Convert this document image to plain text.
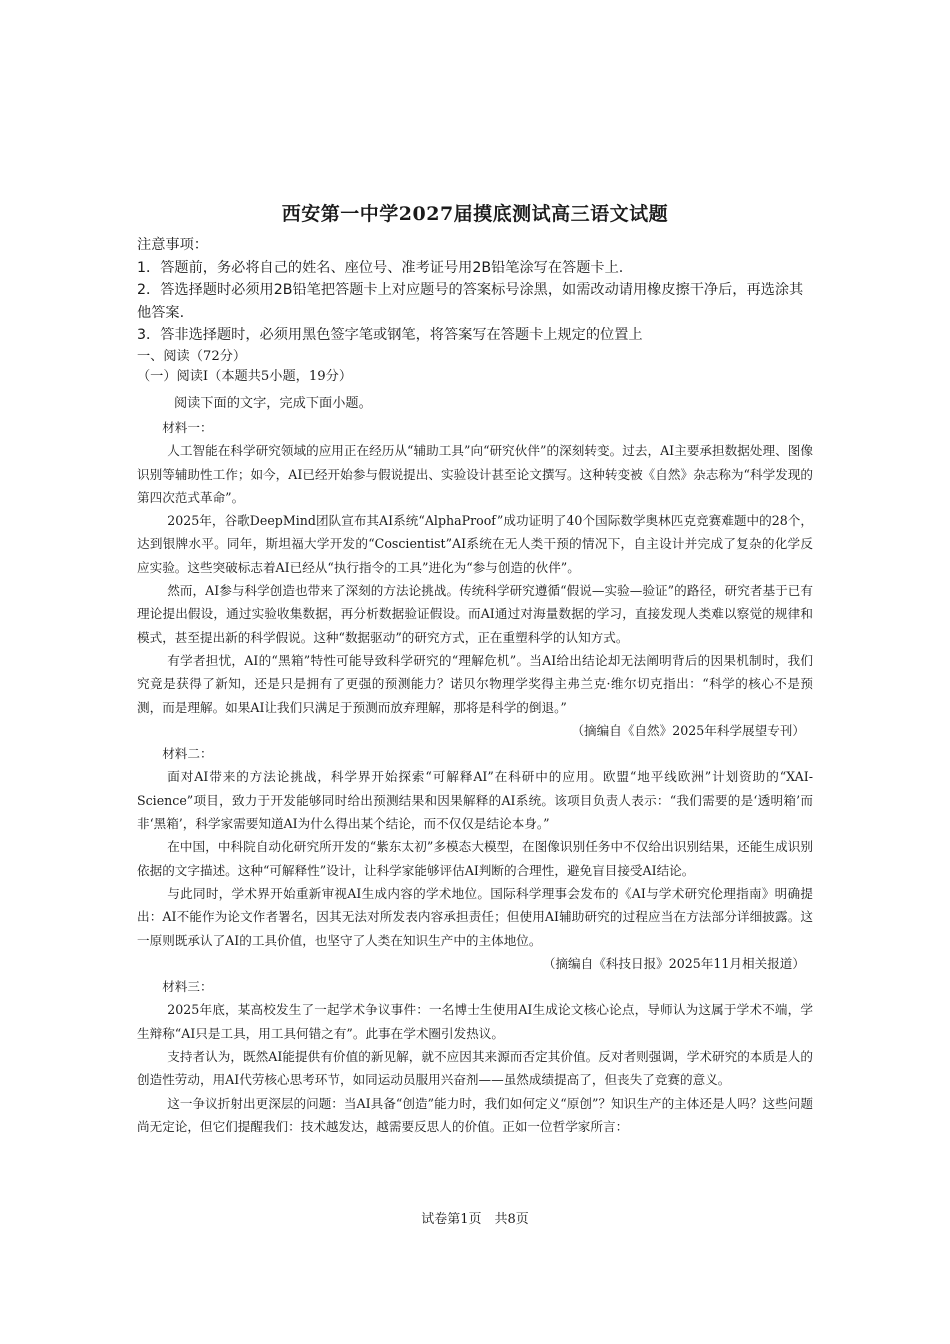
西安第一中学2027届摸底测试高三语文试题

注意事项：

1．答题前，务必将自己的姓名、座位号、准考证号用2B铅笔涂写在答题卡上.

2．答选择题时必须用2B铅笔把答题卡上对应题号的答案标号涂黑，如需改动请用橡皮擦干净后，再选涂其他答案.

3．答非选择题时，必须用黑色签字笔或钢笔，将答案写在答题卡上规定的位置上

一、阅读（72分）
（一）阅读Ⅰ（本题共5小题，19分）
阅读下面的文字，完成下面小题。

材料一：

人工智能在科学研究领域的应用正在经历从“辅助工具”向“研究伙伴”的深刻转变。过去，AI主要承担数据处理、图像识别等辅助性工作；如今，AI已经开始参与假说提出、实验设计甚至论文撰写。这种转变被《自然》杂志称为“科学发现的第四次范式革命”。

2025年，谷歌DeepMind团队宣布其AI系统“AlphaProof”成功证明了40个国际数学奥林匹克竞赛难题中的28个，达到银牌水平。同年，斯坦福大学开发的“Coscientist”AI系统在无人类干预的情况下，自主设计并完成了复杂的化学反应实验。这些突破标志着AI已经从“执行指令的工具”进化为“参与创造的伙伴”。

然而，AI参与科学创造也带来了深刻的方法论挑战。传统科学研究遵循“假说—实验—验证”的路径，研究者基于已有理论提出假设，通过实验收集数据，再分析数据验证假设。而AI通过对海量数据的学习，直接发现人类难以察觉的规律和模式，甚至提出新的科学假说。这种“数据驱动”的研究方式，正在重塑科学的认知方式。

有学者担忧，AI的“黑箱”特性可能导致科学研究的“理解危机”。当AI给出结论却无法阐明背后的因果机制时，我们究竟是获得了新知，还是只是拥有了更强的预测能力？诺贝尔物理学奖得主弗兰克·维尔切克指出：“科学的核心不是预测，而是理解。如果AI让我们只满足于预测而放弃理解，那将是科学的倒退。”

（摘编自《自然》2025年科学展望专刊）

材料二：

面对AI带来的方法论挑战，科学界开始探索“可解释AI”在科研中的应用。欧盟“地平线欧洲”计划资助的“XAI-Science”项目，致力于开发能够同时给出预测结果和因果解释的AI系统。该项目负责人表示：“我们需要的是‘透明箱’而非‘黑箱’，科学家需要知道AI为什么得出某个结论，而不仅仅是结论本身。”

在中国，中科院自动化研究所开发的“紫东太初”多模态大模型，在图像识别任务中不仅给出识别结果，还能生成识别依据的文字描述。这种“可解释性”设计，让科学家能够评估AI判断的合理性，避免盲目接受AI结论。

与此同时，学术界开始重新审视AI生成内容的学术地位。国际科学理事会发布的《AI与学术研究伦理指南》明确提出：AI不能作为论文作者署名，因其无法对所发表内容承担责任；但使用AI辅助研究的过程应当在方法部分详细披露。这一原则既承认了AI的工具价值，也坚守了人类在知识生产中的主体地位。

（摘编自《科技日报》2025年11月相关报道）

材料三：

2025年底，某高校发生了一起学术争议事件：一名博士生使用AI生成论文核心论点，导师认为这属于学术不端，学生辩称“AI只是工具，用工具何错之有”。此事在学术圈引发热议。

支持者认为，既然AI能提供有价值的新见解，就不应因其来源而否定其价值。反对者则强调，学术研究的本质是人的创造性劳动，用AI代劳核心思考环节，如同运动员服用兴奋剂——虽然成绩提高了，但丧失了竞赛的意义。

这一争议折射出更深层的问题：当AI具备“创造”能力时，我们如何定义“原创”？知识生产的主体还是人吗？这些问题尚无定论，但它们提醒我们：技术越发达，越需要反思人的价值。正如一位哲学家所言：

试卷第1页　共8页
